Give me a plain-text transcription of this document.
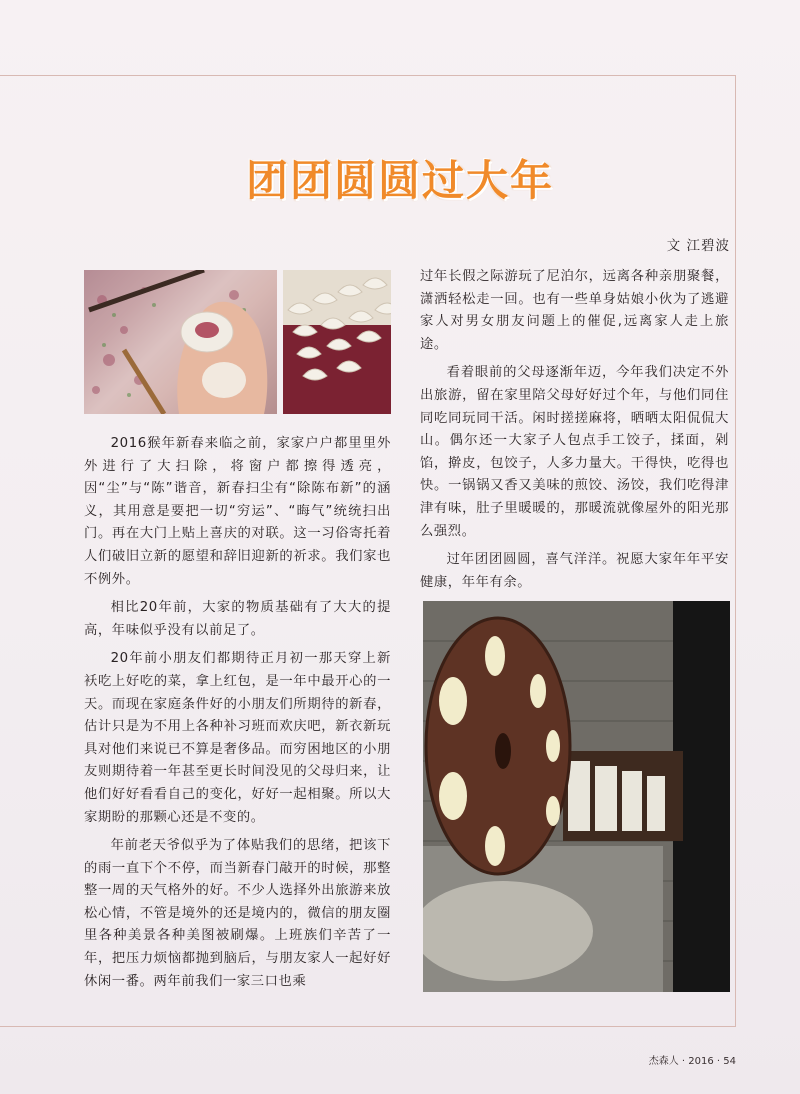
团团圆圆过大年
文 江碧波

2016猴年新春来临之前，家家户户都里里外外进行了大扫除，将窗户都擦得透亮，因“尘”与“陈”谐音，新春扫尘有“除陈布新”的涵义，其用意是要把一切“穷运”、“晦气”统统扫出门。再在大门上贴上喜庆的对联。这一习俗寄托着人们破旧立新的愿望和辞旧迎新的祈求。我们家也不例外。

相比20年前，大家的物质基础有了大大的提高，年味似乎没有以前足了。

20年前小朋友们都期待正月初一那天穿上新袄吃上好吃的菜，拿上红包，是一年中最开心的一天。而现在家庭条件好的小朋友们所期待的新春，估计只是为不用上各种补习班而欢庆吧，新衣新玩具对他们来说已不算是奢侈品。而穷困地区的小朋友则期待着一年甚至更长时间没见的父母归来，让他们好好看看自己的变化，好好一起相聚。所以大家期盼的那颗心还是不变的。

年前老天爷似乎为了体贴我们的思绪，把该下的雨一直下个不停，而当新春门敲开的时候，那整整一周的天气格外的好。不少人选择外出旅游来放松心情，不管是境外的还是境内的，微信的朋友圈里各种美景各种美图被刷爆。上班族们辛苦了一年，把压力烦恼都抛到脑后，与朋友家人一起好好休闲一番。两年前我们一家三口也乘

过年长假之际游玩了尼泊尔，远离各种亲朋聚餐，潇洒轻松走一回。也有一些单身姑娘小伙为了逃避家人对男女朋友问题上的催促,远离家人走上旅途。

看着眼前的父母逐渐年迈，今年我们决定不外出旅游，留在家里陪父母好好过个年，与他们同住同吃同玩同干活。闲时搓搓麻将，晒晒太阳侃侃大山。偶尔还一大家子人包点手工饺子，揉面，剁馅，擀皮，包饺子，人多力量大。干得快，吃得也快。一锅锅又香又美味的煎饺、汤饺，我们吃得津津有味，肚子里暖暖的，那暖流就像屋外的阳光那么强烈。

过年团团圆圆，喜气洋洋。祝愿大家年年平安健康，年年有余。

杰森人 · 2016 · 54
